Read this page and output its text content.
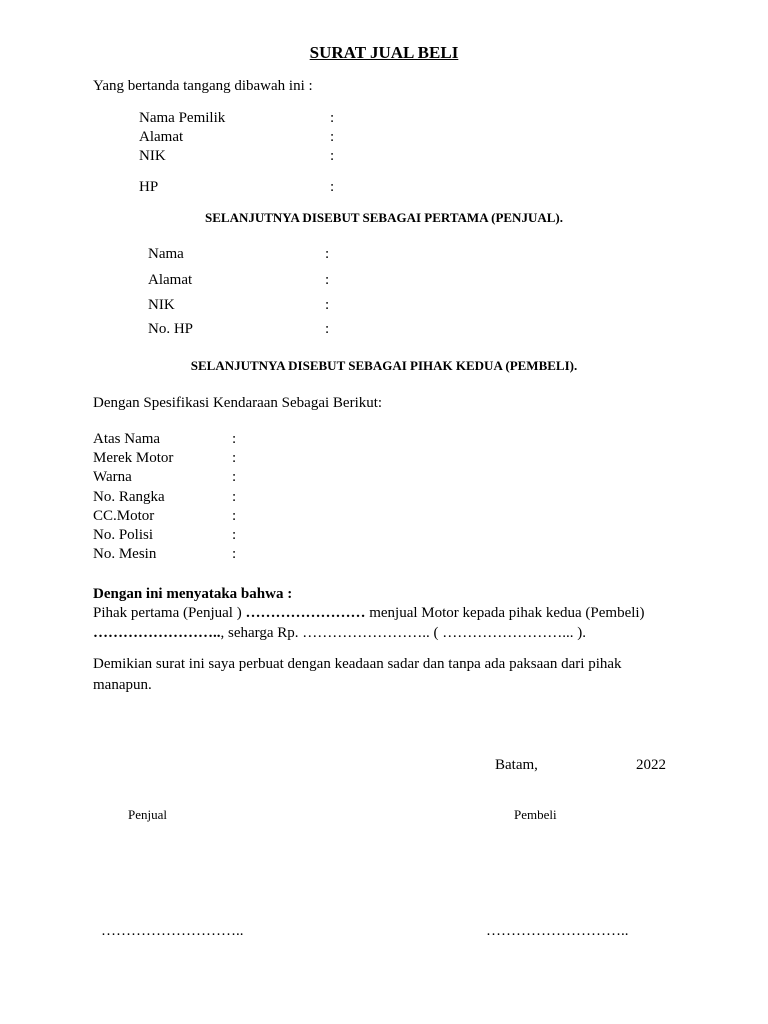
SURAT JUAL BELI
Yang bertanda tangang dibawah ini :
Nama Pemilik	:
Alamat	:
NIK	:
HP	:
SELANJUTNYA DISEBUT SEBAGAI PERTAMA (PENJUAL).
Nama	:
Alamat	:
NIK	:
No. HP	:
SELANJUTNYA DISEBUT SEBAGAI PIHAK KEDUA (PEMBELI).
Dengan Spesifikasi Kendaraan Sebagai Berikut:
Atas Nama	:
Merek Motor	:
Warna	:
No. Rangka	:
CC.Motor	:
No. Polisi	:
No. Mesin	:
Dengan ini menyataka bahwa :
Pihak pertama (Penjual ) …………………… menjual Motor kepada pihak kedua (Pembeli)
…………………….., seharga Rp. …………………….. ( ……………………... ).
Demikian surat ini saya perbuat dengan keadaan sadar dan tanpa ada paksaan dari pihak manapun.
Batam,	2022
Penjual	Pembeli
………………………..	………………………..
